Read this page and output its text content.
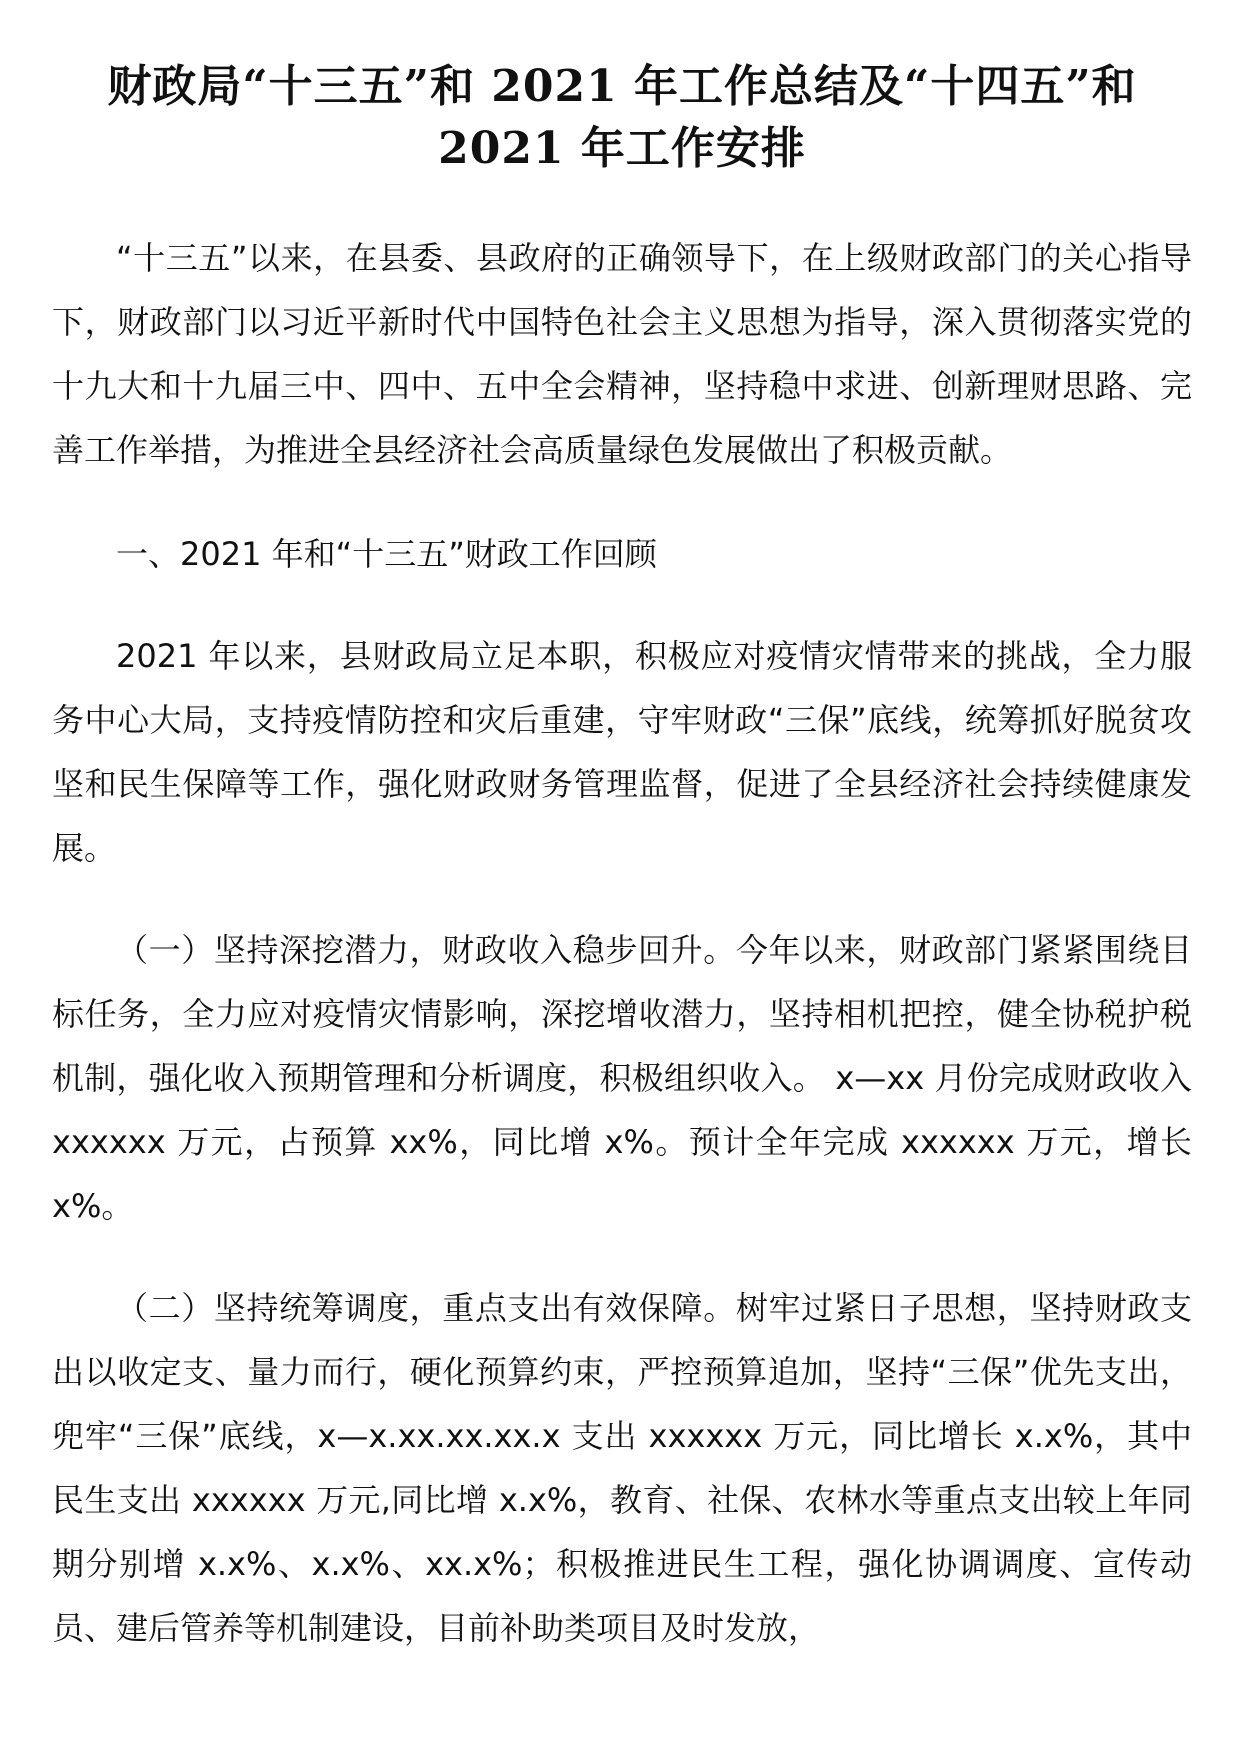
财政局“十三五”和 2021 年工作总结及“十四五”和
2021 年工作安排

“十三五”以来，在县委、县政府的正确领导下，在上级财政部门的关心指导下，财政部门以习近平新时代中国特色社会主义思想为指导，深入贯彻落实党的十九大和十九届三中、四中、五中全会精神，坚持稳中求进、创新理财思路、完善工作举措，为推进全县经济社会高质量绿色发展做出了积极贡献。

一、2021 年和“十三五”财政工作回顾

2021 年以来，县财政局立足本职，积极应对疫情灾情带来的挑战，全力服务中心大局，支持疫情防控和灾后重建，守牢财政“三保”底线，统筹抓好脱贫攻坚和民生保障等工作，强化财政财务管理监督，促进了全县经济社会持续健康发展。

（一）坚持深挖潜力，财政收入稳步回升。今年以来，财政部门紧紧围绕目标任务，全力应对疫情灾情影响，深挖增收潜力，坚持相机把控，健全协税护税机制，强化收入预期管理和分析调度，积极组织收入。 x—xx 月份完成财政收入 xxxxxx 万元，占预算 xx%，同比增 x%。预计全年完成 xxxxxx 万元，增长 x%。

（二）坚持统筹调度，重点支出有效保障。树牢过紧日子思想，坚持财政支出以收定支、量力而行，硬化预算约束，严控预算追加，坚持“三保”优先支出，兜牢“三保”底线，x—x.xx.xx.xx.x 支出 xxxxxx 万元，同比增长 x.x%，其中民生支出 xxxxxx 万元,同比增 x.x%，教育、社保、农林水等重点支出较上年同期分别增 x.x%、x.x%、xx.x%；积极推进民生工程，强化协调调度、宣传动员、建后管养等机制建设，目前补助类项目及时发放，
